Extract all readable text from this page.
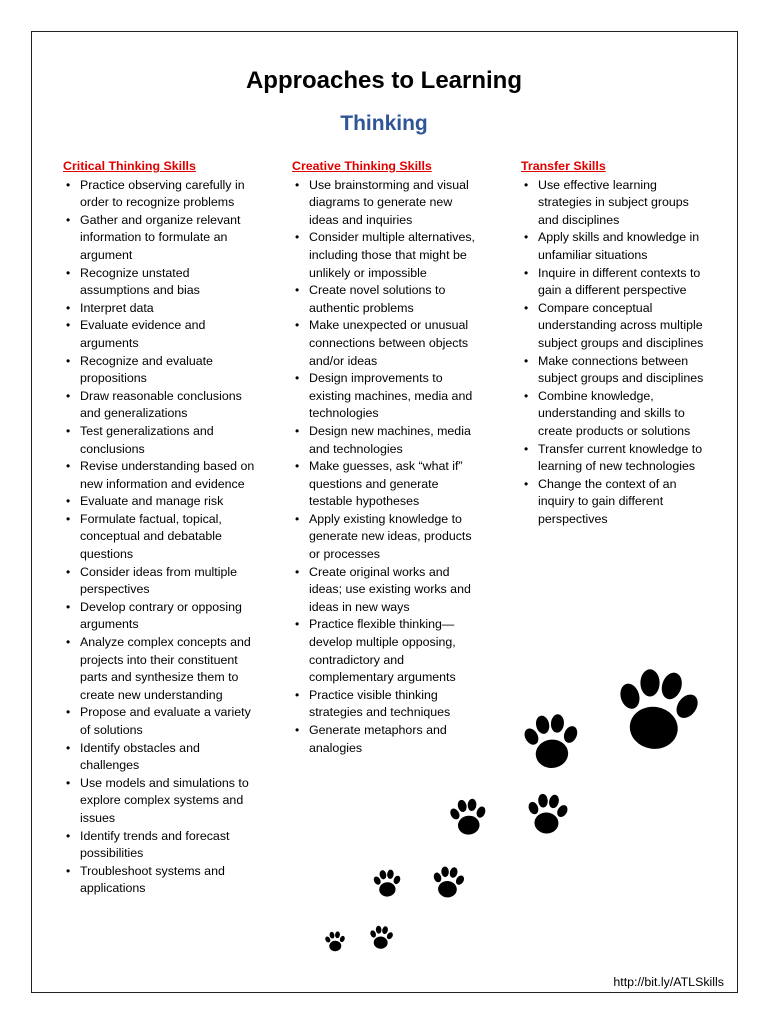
Approaches to Learning
Thinking
Critical Thinking Skills
• Practice observing carefully in order to recognize problems
• Gather and organize relevant information to formulate an argument
• Recognize unstated assumptions and bias
• Interpret data
• Evaluate evidence and arguments
• Recognize and evaluate propositions
• Draw reasonable conclusions and generalizations
• Test generalizations and conclusions
• Revise understanding based on new information and evidence
• Evaluate and manage risk
• Formulate factual, topical, conceptual and debatable questions
• Consider ideas from multiple perspectives
• Develop contrary or opposing arguments
• Analyze complex concepts and projects into their constituent parts and synthesize them to create new understanding
• Propose and evaluate a variety of solutions
• Identify obstacles and challenges
• Use models and simulations to explore complex systems and issues
• Identify trends and forecast possibilities
• Troubleshoot systems and applications
Creative Thinking Skills
• Use brainstorming and visual diagrams to generate new ideas and inquiries
• Consider multiple alternatives, including those that might be unlikely or impossible
• Create novel solutions to authentic problems
• Make unexpected or unusual connections between objects and/or ideas
• Design improvements to existing machines, media and technologies
• Design new machines, media and technologies
• Make guesses, ask “what if” questions and generate testable hypotheses
• Apply existing knowledge to generate new ideas, products or processes
• Create original works and ideas; use existing works and ideas in new ways
• Practice flexible thinking—develop multiple opposing, contradictory and complementary arguments
• Practice visible thinking strategies and techniques
• Generate metaphors and analogies
Transfer Skills
• Use effective learning strategies in subject groups and disciplines
• Apply skills and knowledge in unfamiliar situations
• Inquire in different contexts to gain a different perspective
• Compare conceptual understanding across multiple subject groups and disciplines
• Make connections between subject groups and disciplines
• Combine knowledge, understanding and skills to create products or solutions
• Transfer current knowledge to learning of new technologies
• Change the context of an inquiry to gain different perspectives
http://bit.ly/ATLSkills
